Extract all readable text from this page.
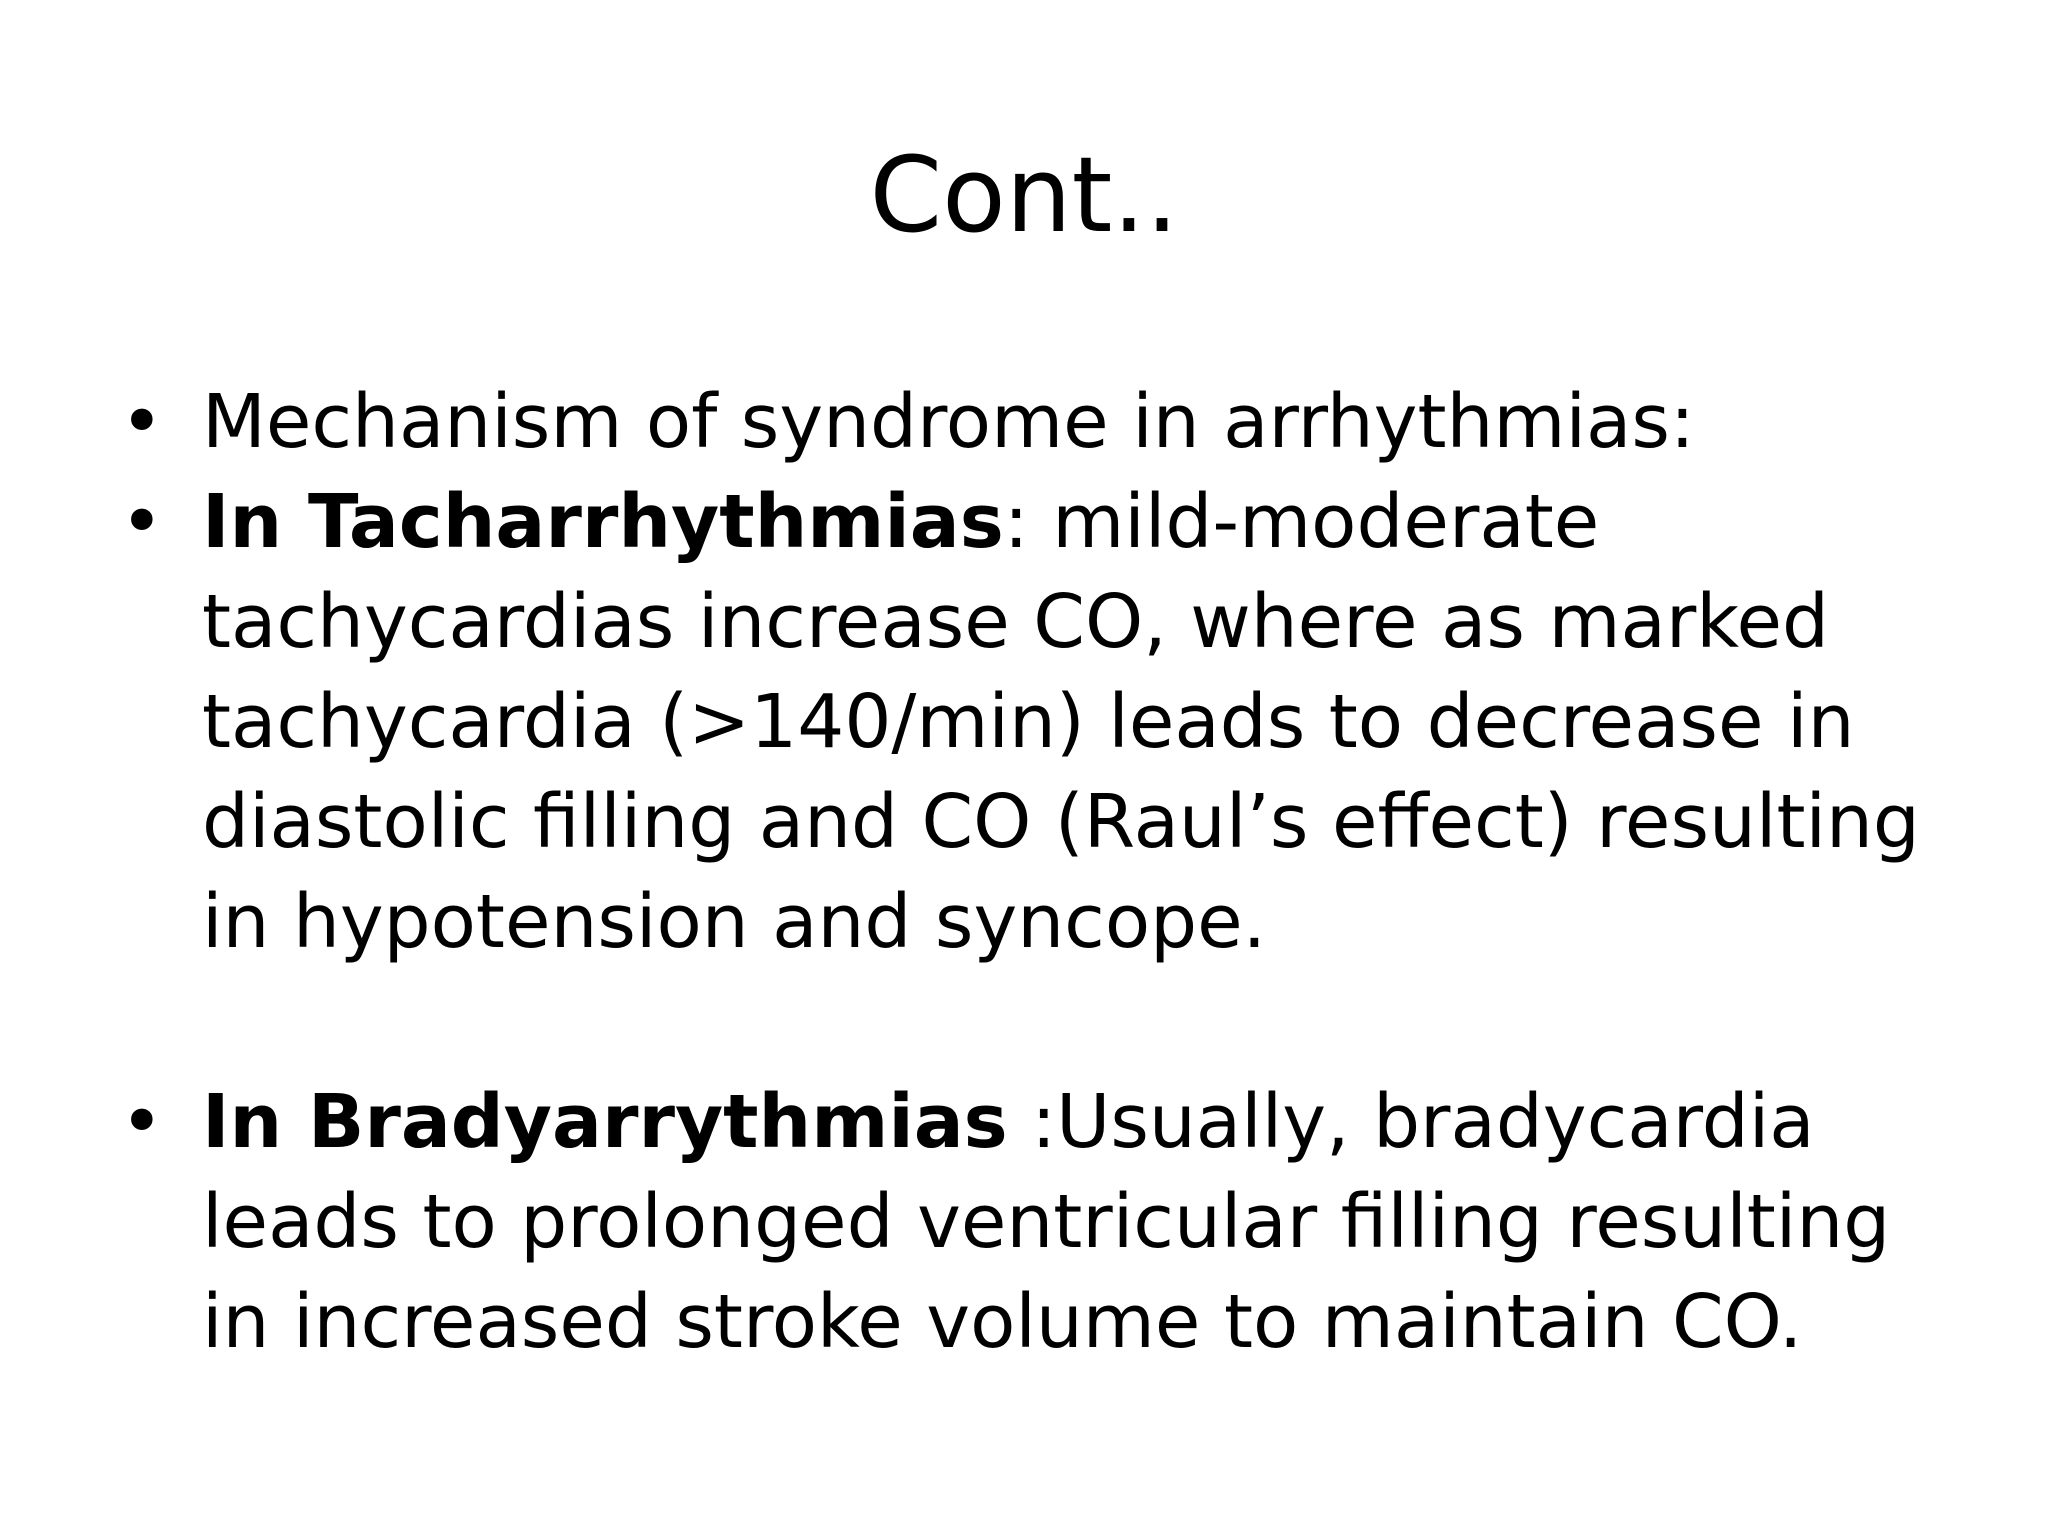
Cont..
• Mechanism of syndrome in arrhythmias:
• In Tacharrhythmias: mild-moderate tachycardias increase CO, where as marked tachycardia (>140/min) leads to decrease in diastolic filling and CO (Raul’s effect) resulting in hypotension and syncope.
• In Bradyarrythmias :Usually, bradycardia leads to prolonged ventricular filling resulting in increased stroke volume to maintain CO.
